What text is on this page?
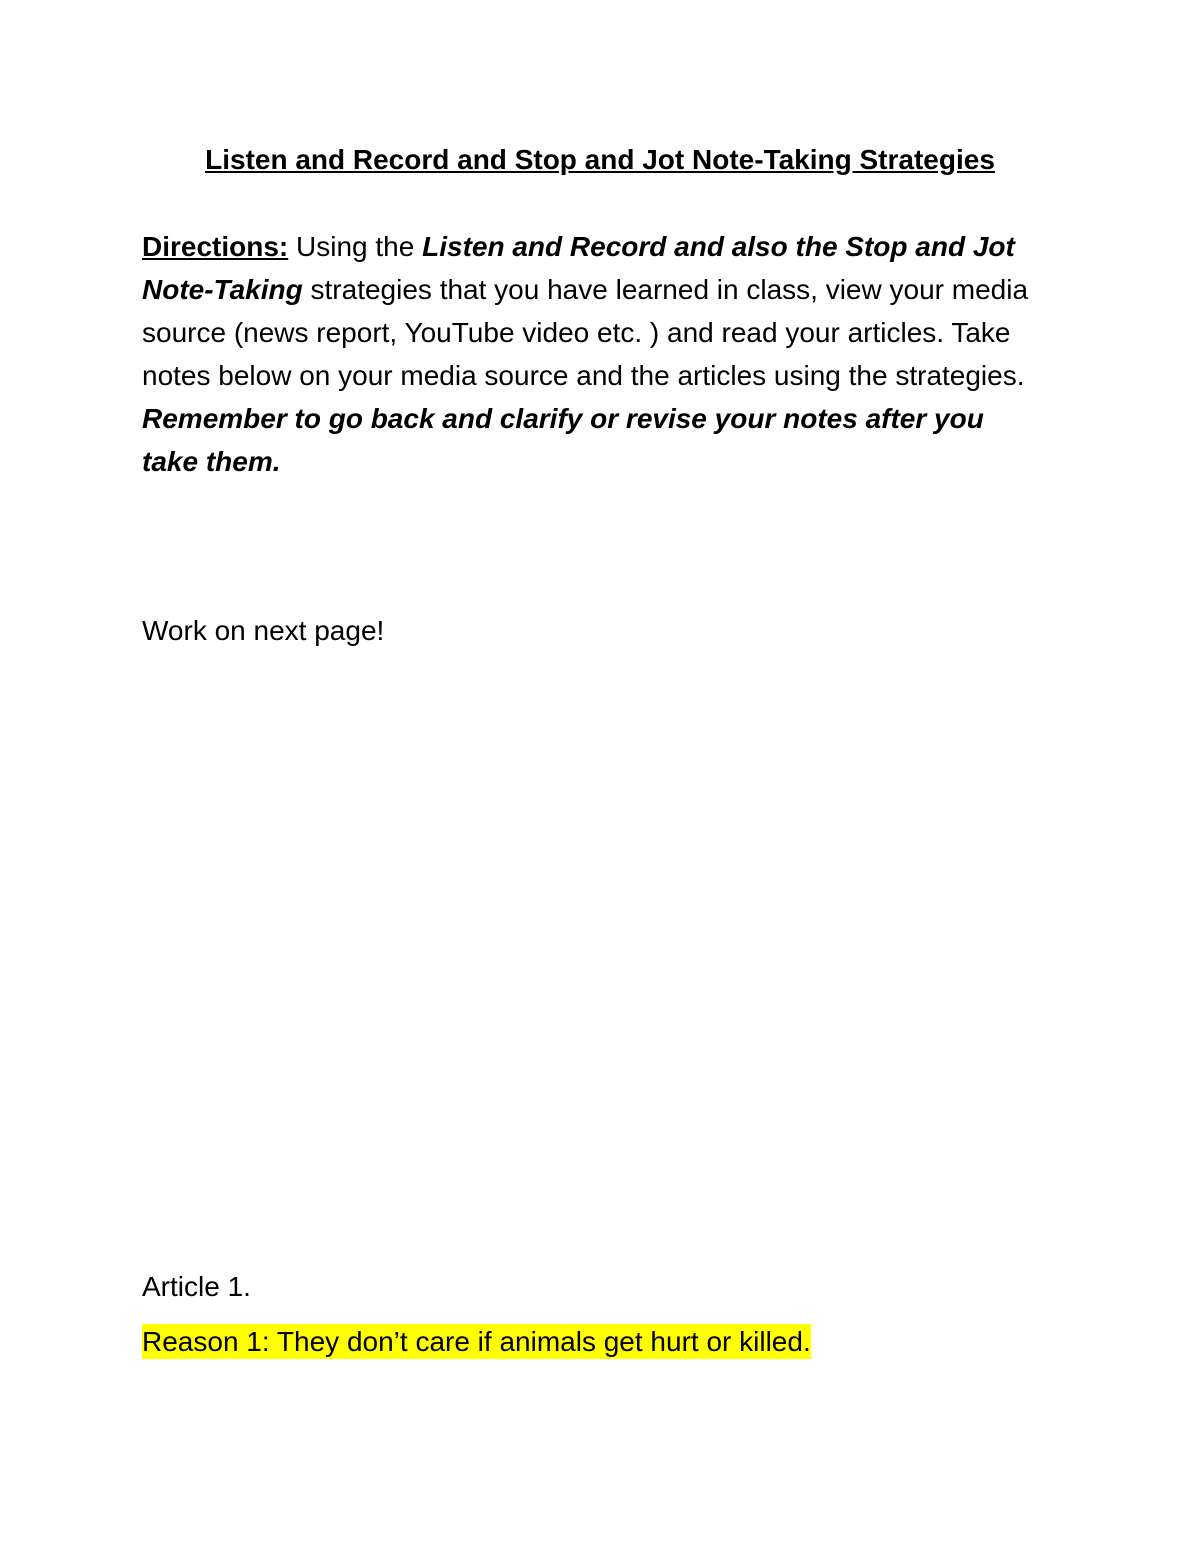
Listen and Record and Stop and Jot Note-Taking Strategies
Directions: Using the Listen and Record and also the Stop and Jot Note-Taking strategies that you have learned in class, view your media source (news report, YouTube video etc. ) and read your articles. Take notes below on your media source and the articles using the strategies. Remember to go back and clarify or revise your notes after you take them.
Work on next page!
Article 1.
Reason 1: They don’t care if animals get hurt or killed.
